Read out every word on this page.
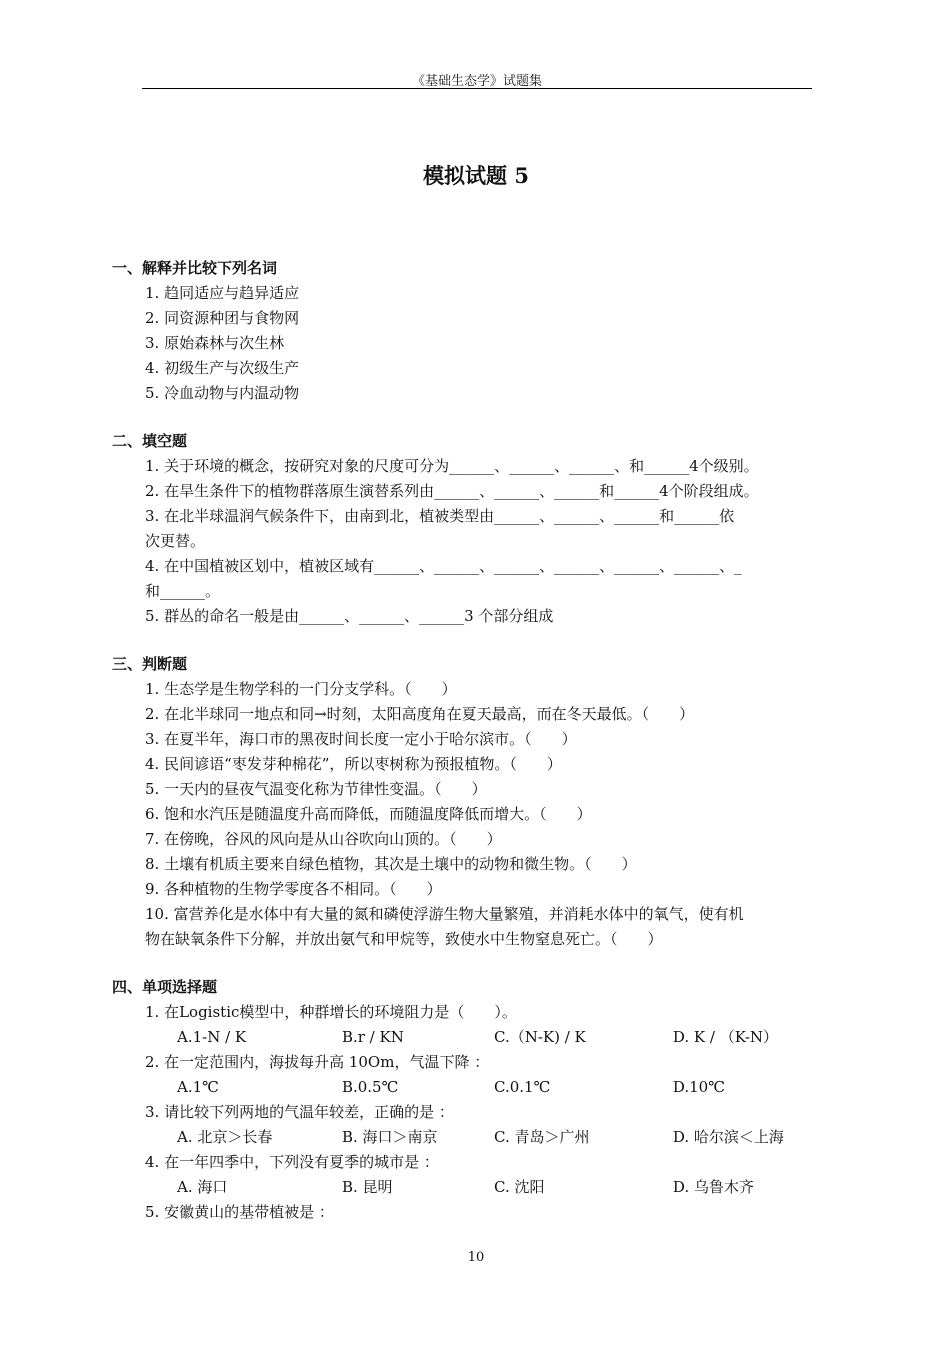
《基础生态学》试题集
模拟试题 5
一、解释并比较下列名词
1. 趋同适应与趋异适应
2. 同资源种团与食物网
3. 原始森林与次生林
4. 初级生产与次级生产
5. 冷血动物与内温动物
二、填空题
1. 关于环境的概念，按研究对象的尺度可分为______、______、______、和______4个级别。
2. 在旱生条件下的植物群落原生演替系列由______、______、______和______4个阶段组成。
3. 在北半球温润气候条件下，由南到北，植被类型由______、______、______和______依
次更替。
4. 在中国植被区划中，植被区域有______、______、______、______、______、______、_
和______。
5. 群丛的命名一般是由______、______、______3 个部分组成
三、判断题
1. 生态学是生物学科的一门分支学科。（　　）
2. 在北半球同一地点和同→时刻，太阳高度角在夏天最高，而在冬天最低。（　　）
3. 在夏半年，海口市的黑夜时间长度一定小于哈尔滨市。（　　）
4. 民间谚语“枣发芽种棉花”，所以枣树称为预报植物。（　　）
5. 一天内的昼夜气温变化称为节律性变温。（　　）
6. 饱和水汽压是随温度升高而降低，而随温度降低而增大。（　　）
7. 在傍晚，谷风的风向是从山谷吹向山顶的。（　　）
8. 土壤有机质主要来自绿色植物，其次是土壤中的动物和微生物。（　　）
9. 各种植物的生物学零度各不相同。（　　）
10. 富营养化是水体中有大量的氮和磷使浮游生物大量繁殖，并消耗水体中的氧气，使有机
物在缺氧条件下分解，并放出氨气和甲烷等，致使水中生物窒息死亡。（　　）
四、单项选择题
1. 在Logistic模型中，种群增长的环境阻力是（　　）。
A.1-N / K	B.r / KN	C.（N-K) / K	D. K / （K-N）
2. 在一定范围内，海拔每升高 10Om，气温下降 ：
A.1℃	B.0.5℃	C.0.1℃	D.10℃
3. 请比较下列两地的气温年较差，正确的是 ：
A. 北京＞长春	B. 海口＞南京	C. 青岛＞广州	D. 哈尔滨＜上海
4. 在一年四季中，下列没有夏季的城市是 ：
A. 海口	B. 昆明	C. 沈阳	D. 乌鲁木齐
5. 安徽黄山的基带植被是 ：
10
